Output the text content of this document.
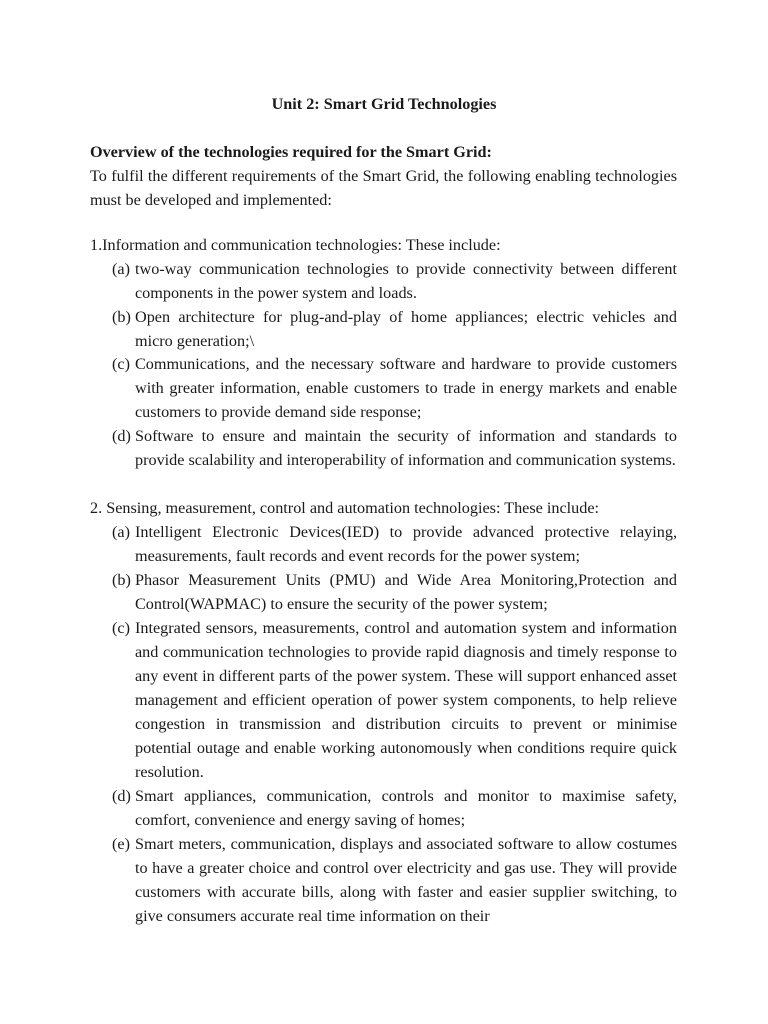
Unit 2: Smart Grid Technologies
Overview of the technologies required for the Smart Grid:
To fulfil the different requirements of the Smart Grid, the following enabling technologies must be developed and implemented:
1.Information and communication technologies: These include:
(a) two-way communication technologies to provide connectivity between different components in the power system and loads.
(b) Open architecture for plug-and-play of home appliances; electric vehicles and micro generation;\
(c) Communications, and the necessary software and hardware to provide customers with greater information, enable customers to trade in energy markets and enable customers to provide demand side response;
(d) Software to ensure and maintain the security of information and standards to provide scalability and interoperability of information and communication systems.
2. Sensing, measurement, control and automation technologies: These include:
(a) Intelligent Electronic Devices(IED) to provide advanced protective relaying, measurements, fault records and event records for the power system;
(b) Phasor Measurement Units (PMU) and Wide Area Monitoring,Protection and Control(WAPMAC) to ensure the security of the power system;
(c) Integrated sensors, measurements, control and automation system and information and communication technologies to provide rapid diagnosis and timely response to any event in different parts of the power system. These will support enhanced asset management and efficient operation of power system components, to help relieve congestion in transmission and distribution circuits to prevent or minimise potential outage and enable working autonomously when conditions require quick resolution.
(d) Smart appliances, communication, controls and monitor to maximise safety, comfort, convenience and energy saving of homes;
(e) Smart meters, communication, displays and associated software to allow costumes to have a greater choice and control over electricity and gas use. They will provide customers with accurate bills, along with faster and easier supplier switching, to give consumers accurate real time information on their
